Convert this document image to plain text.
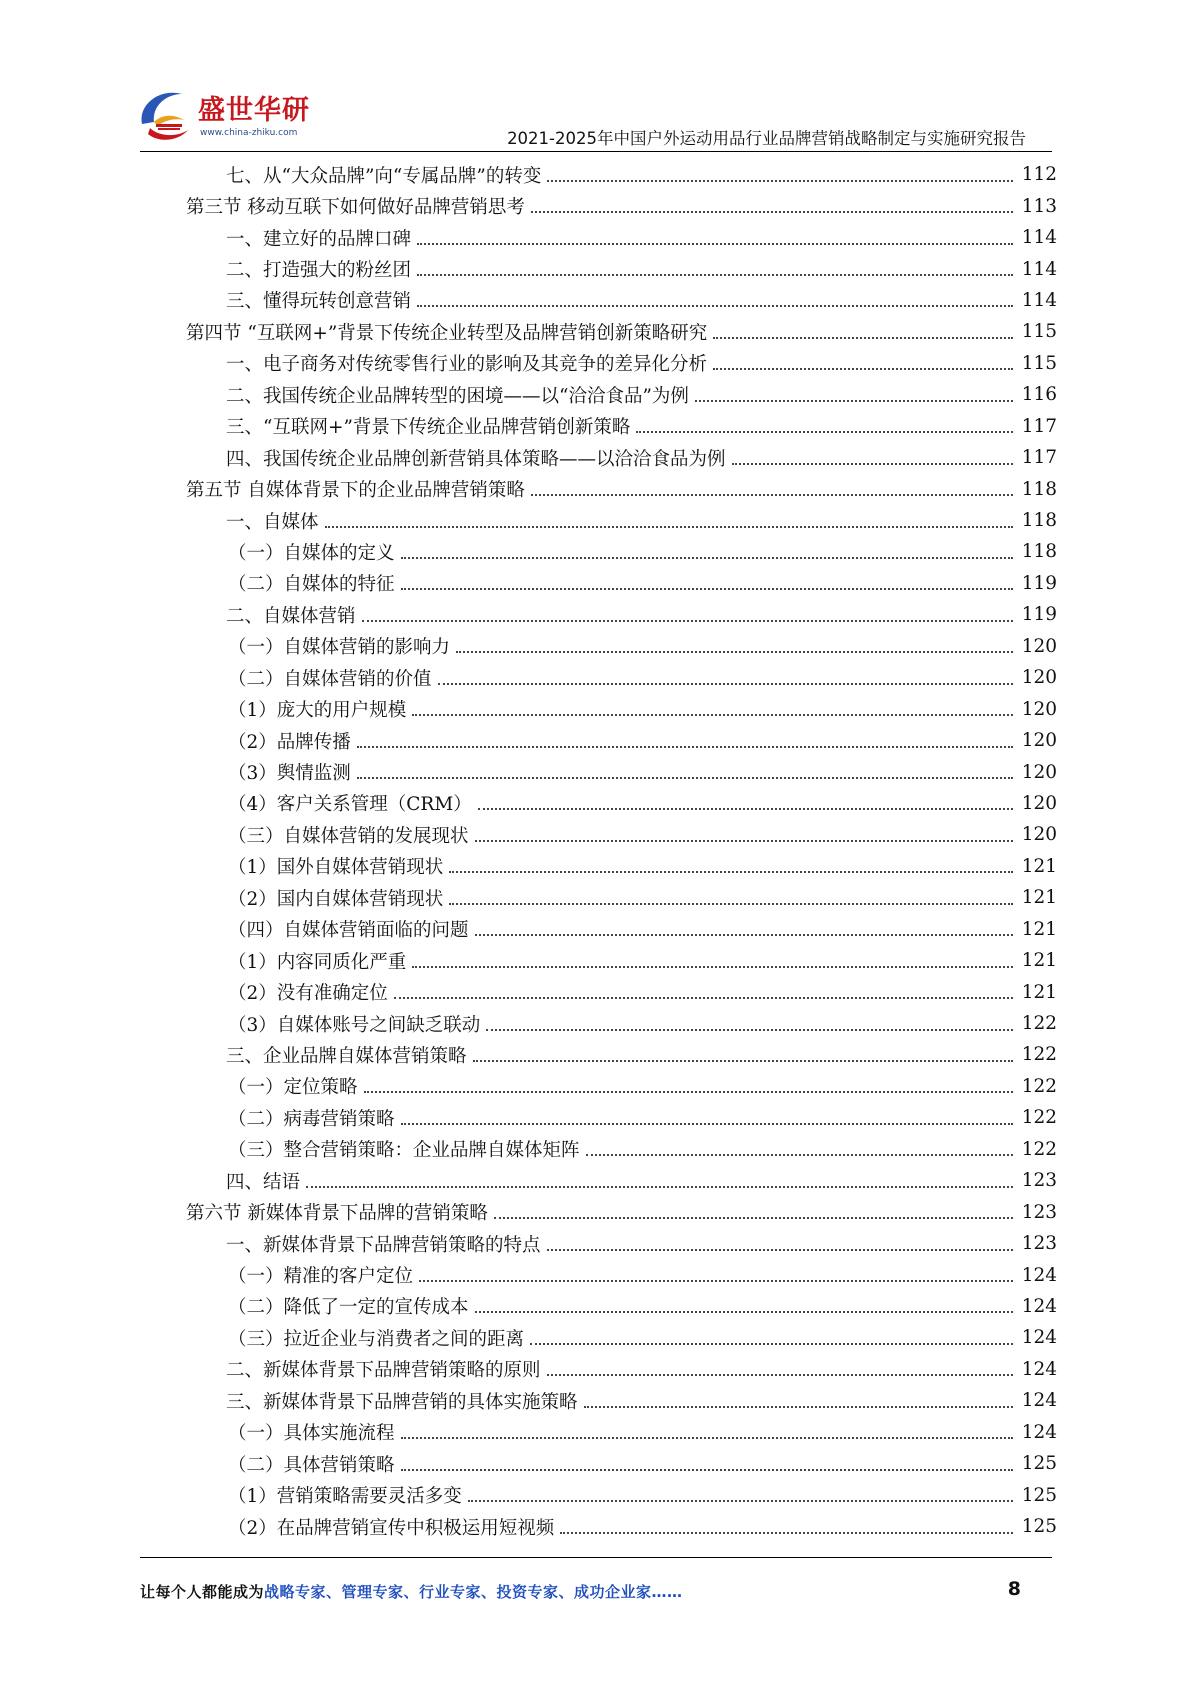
盛世华研
www.china-zhiku.com	2021-2025年中国户外运动用品行业品牌营销战略制定与实施研究报告
七、从“大众品牌”向“专属品牌”的转变	112
第三节 移动互联下如何做好品牌营销思考	113
一、建立好的品牌口碑	114
二、打造强大的粉丝团	114
三、懂得玩转创意营销	114
第四节 “互联网+”背景下传统企业转型及品牌营销创新策略研究	115
一、电子商务对传统零售行业的影响及其竞争的差异化分析	115
二、我国传统企业品牌转型的困境——以“洽洽食品”为例	116
三、“互联网+”背景下传统企业品牌营销创新策略	117
四、我国传统企业品牌创新营销具体策略——以洽洽食品为例	117
第五节 自媒体背景下的企业品牌营销策略	118
一、自媒体	118
（一）自媒体的定义	118
（二）自媒体的特征	119
二、自媒体营销	119
（一）自媒体营销的影响力	120
（二）自媒体营销的价值	120
（1）庞大的用户规模	120
（2）品牌传播	120
（3）舆情监测	120
（4）客户关系管理（CRM）	120
（三）自媒体营销的发展现状	120
（1）国外自媒体营销现状	121
（2）国内自媒体营销现状	121
（四）自媒体营销面临的问题	121
（1）内容同质化严重	121
（2）没有准确定位	121
（3）自媒体账号之间缺乏联动	122
三、企业品牌自媒体营销策略	122
（一）定位策略	122
（二）病毒营销策略	122
（三）整合营销策略：企业品牌自媒体矩阵	122
四、结语	123
第六节 新媒体背景下品牌的营销策略	123
一、新媒体背景下品牌营销策略的特点	123
（一）精准的客户定位	124
（二）降低了一定的宣传成本	124
（三）拉近企业与消费者之间的距离	124
二、新媒体背景下品牌营销策略的原则	124
三、新媒体背景下品牌营销的具体实施策略	124
（一）具体实施流程	124
（二）具体营销策略	125
（1）营销策略需要灵活多变	125
（2）在品牌营销宣传中积极运用短视频	125
让每个人都能成为战略专家、管理专家、行业专家、投资专家、成功企业家……	8
